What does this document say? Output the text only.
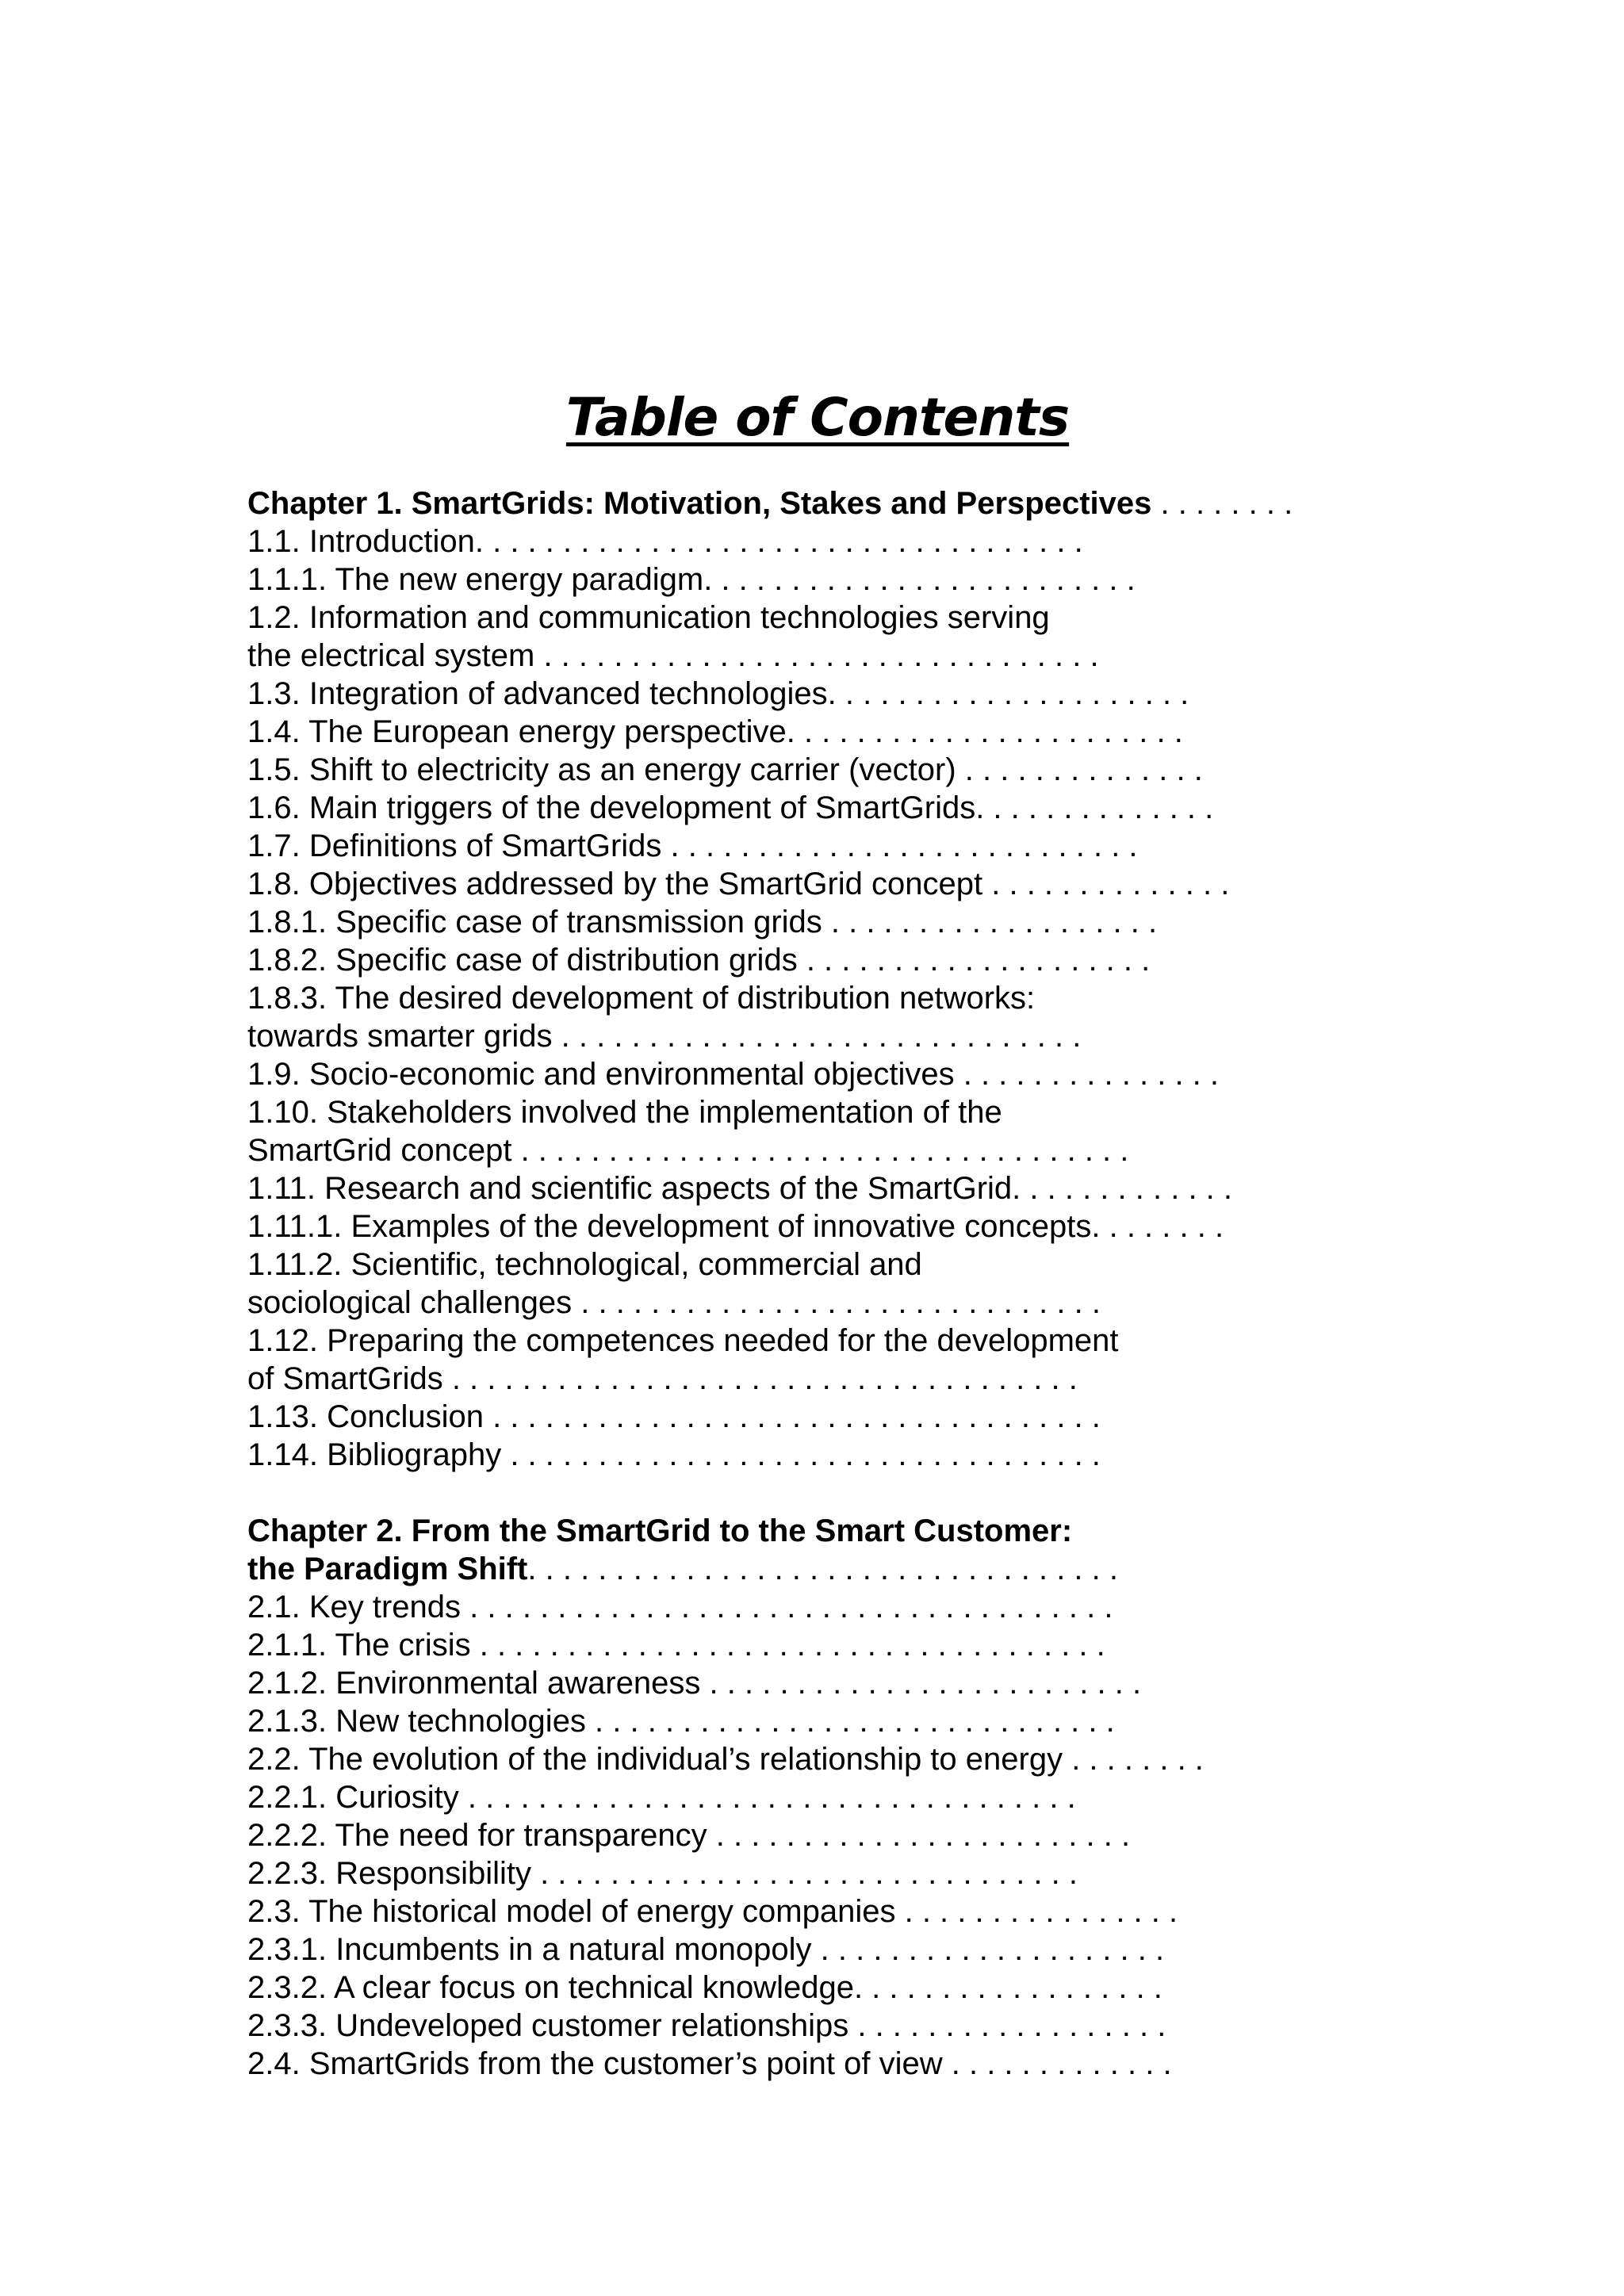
Table of Contents
Chapter 1. SmartGrids: Motivation, Stakes and Perspectives . . . . . . . .
1.1. Introduction. . . . . . . . . . . . . . . . . . . . . . . . . . . . . . . . . . .
1.1.1. The new energy paradigm. . . . . . . . . . . . . . . . . . . . . . . . .
1.2. Information and communication technologies serving
the electrical system . . . . . . . . . . . . . . . . . . . . . . . . . . . . . . . .
1.3. Integration of advanced technologies. . . . . . . . . . . . . . . . . . . . .
1.4. The European energy perspective. . . . . . . . . . . . . . . . . . . . . . .
1.5. Shift to electricity as an energy carrier (vector) . . . . . . . . . . . . . .
1.6. Main triggers of the development of SmartGrids. . . . . . . . . . . . . .
1.7. Definitions of SmartGrids . . . . . . . . . . . . . . . . . . . . . . . . . . .
1.8. Objectives addressed by the SmartGrid concept . . . . . . . . . . . . . .
1.8.1. Specific case of transmission grids . . . . . . . . . . . . . . . . . . .
1.8.2. Specific case of distribution grids . . . . . . . . . . . . . . . . . . . .
1.8.3. The desired development of distribution networks:
towards smarter grids . . . . . . . . . . . . . . . . . . . . . . . . . . . . . .
1.9. Socio-economic and environmental objectives . . . . . . . . . . . . . . .
1.10. Stakeholders involved the implementation of the
SmartGrid concept . . . . . . . . . . . . . . . . . . . . . . . . . . . . . . . . . . .
1.11. Research and scientific aspects of the SmartGrid. . . . . . . . . . . . .
1.11.1. Examples of the development of innovative concepts. . . . . . . .
1.11.2. Scientific, technological, commercial and
sociological challenges . . . . . . . . . . . . . . . . . . . . . . . . . . . . . .
1.12. Preparing the competences needed for the development
of SmartGrids . . . . . . . . . . . . . . . . . . . . . . . . . . . . . . . . . . . .
1.13. Conclusion . . . . . . . . . . . . . . . . . . . . . . . . . . . . . . . . . . .
1.14. Bibliography . . . . . . . . . . . . . . . . . . . . . . . . . . . . . . . . . .
Chapter 2. From the SmartGrid to the Smart Customer:
the Paradigm Shift. . . . . . . . . . . . . . . . . . . . . . . . . . . . . . . . . .
2.1. Key trends . . . . . . . . . . . . . . . . . . . . . . . . . . . . . . . . . . . . .
2.1.1. The crisis . . . . . . . . . . . . . . . . . . . . . . . . . . . . . . . . . . . .
2.1.2. Environmental awareness . . . . . . . . . . . . . . . . . . . . . . . . .
2.1.3. New technologies . . . . . . . . . . . . . . . . . . . . . . . . . . . . . .
2.2. The evolution of the individual’s relationship to energy . . . . . . . .
2.2.1. Curiosity . . . . . . . . . . . . . . . . . . . . . . . . . . . . . . . . . . .
2.2.2. The need for transparency . . . . . . . . . . . . . . . . . . . . . . . .
2.2.3. Responsibility . . . . . . . . . . . . . . . . . . . . . . . . . . . . . . .
2.3. The historical model of energy companies . . . . . . . . . . . . . . . .
2.3.1. Incumbents in a natural monopoly . . . . . . . . . . . . . . . . . . . .
2.3.2. A clear focus on technical knowledge. . . . . . . . . . . . . . . . . .
2.3.3. Undeveloped customer relationships . . . . . . . . . . . . . . . . . .
2.4. SmartGrids from the customer’s point of view . . . . . . . . . . . . .
